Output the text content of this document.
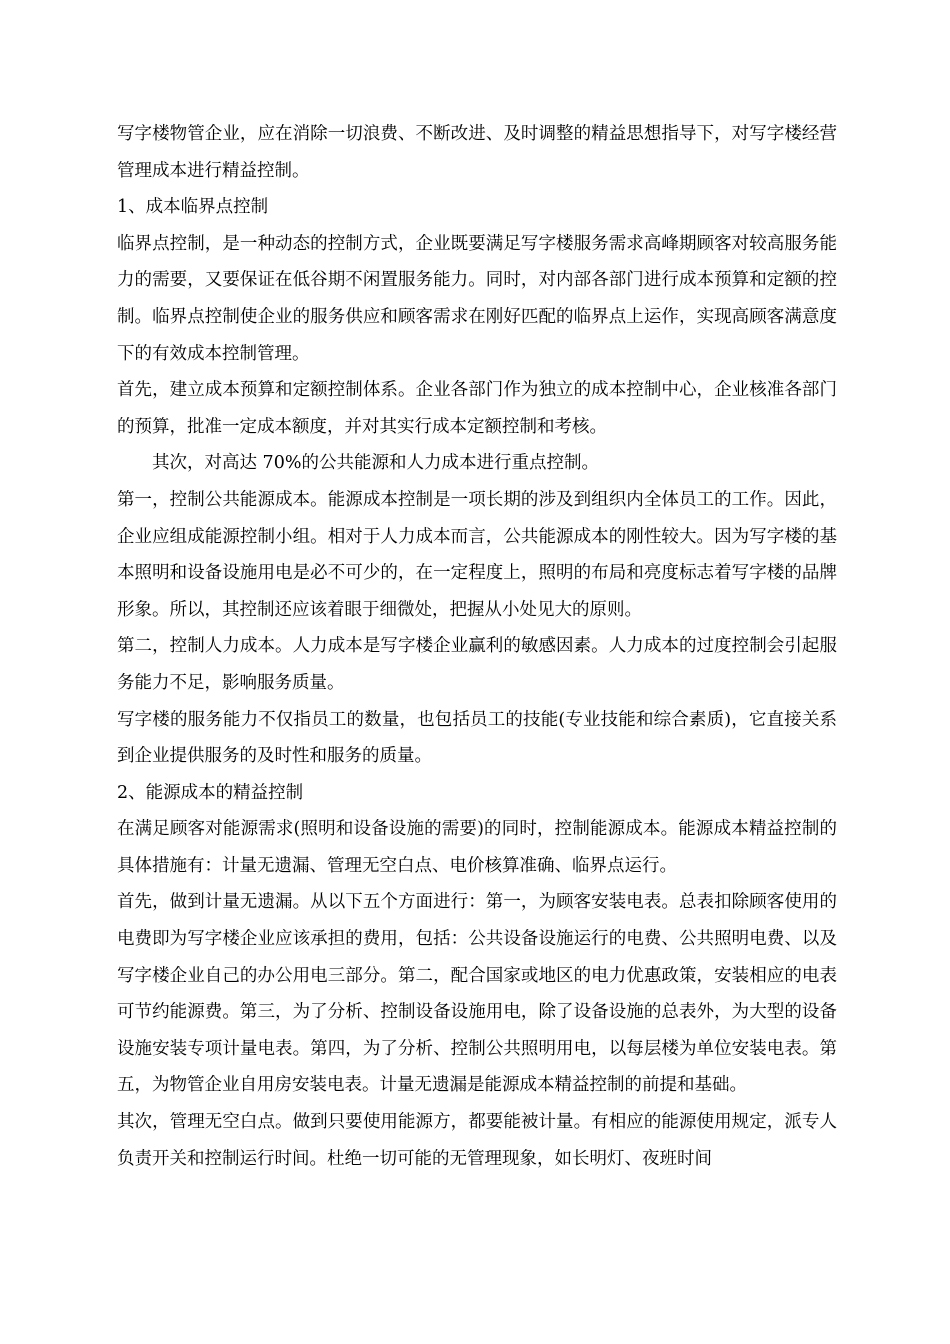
写字楼物管企业，应在消除一切浪费、不断改进、及时调整的精益思想指导下，对写字楼经营管理成本进行精益控制。

1、成本临界点控制

临界点控制，是一种动态的控制方式，企业既要满足写字楼服务需求高峰期顾客对较高服务能力的需要，又要保证在低谷期不闲置服务能力。同时，对内部各部门进行成本预算和定额的控制。临界点控制使企业的服务供应和顾客需求在刚好匹配的临界点上运作，实现高顾客满意度下的有效成本控制管理。

首先，建立成本预算和定额控制体系。企业各部门作为独立的成本控制中心，企业核准各部门的预算，批准一定成本额度，并对其实行成本定额控制和考核。

其次，对高达 70%的公共能源和人力成本进行重点控制。

第一，控制公共能源成本。能源成本控制是一项长期的涉及到组织内全体员工的工作。因此，企业应组成能源控制小组。相对于人力成本而言，公共能源成本的刚性较大。因为写字楼的基本照明和设备设施用电是必不可少的，在一定程度上，照明的布局和亮度标志着写字楼的品牌形象。所以，其控制还应该着眼于细微处，把握从小处见大的原则。

第二，控制人力成本。人力成本是写字楼企业赢利的敏感因素。人力成本的过度控制会引起服务能力不足，影响服务质量。

写字楼的服务能力不仅指员工的数量，也包括员工的技能(专业技能和综合素质)，它直接关系到企业提供服务的及时性和服务的质量。

2、能源成本的精益控制

在满足顾客对能源需求(照明和设备设施的需要)的同时，控制能源成本。能源成本精益控制的具体措施有：计量无遗漏、管理无空白点、电价核算准确、临界点运行。

首先，做到计量无遗漏。从以下五个方面进行：第一，为顾客安装电表。总表扣除顾客使用的电费即为写字楼企业应该承担的费用，包括：公共设备设施运行的电费、公共照明电费、以及写字楼企业自己的办公用电三部分。第二，配合国家或地区的电力优惠政策，安装相应的电表可节约能源费。第三，为了分析、控制设备设施用电，除了设备设施的总表外，为大型的设备设施安装专项计量电表。第四，为了分析、控制公共照明用电，以每层楼为单位安装电表。第五，为物管企业自用房安装电表。计量无遗漏是能源成本精益控制的前提和基础。

其次，管理无空白点。做到只要使用能源方，都要能被计量。有相应的能源使用规定，派专人负责开关和控制运行时间。杜绝一切可能的无管理现象，如长明灯、夜班时间
